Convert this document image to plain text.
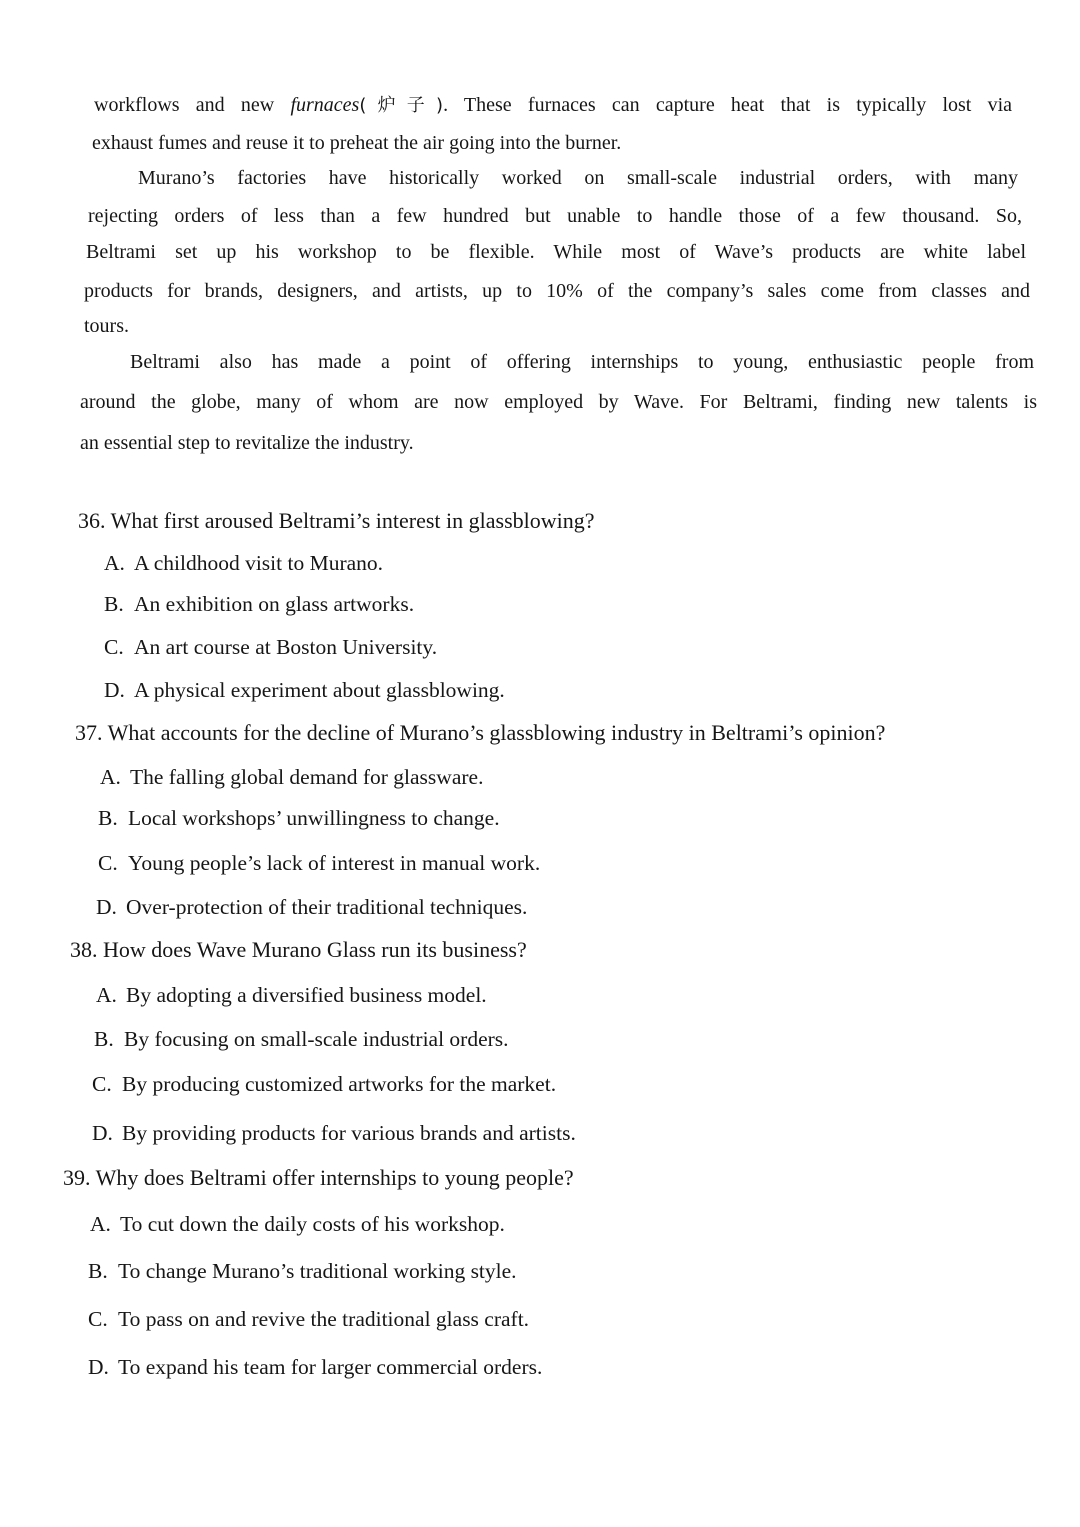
workflows and new furnaces(炉子). These furnaces can capture heat that is typically lost via
exhaust fumes and reuse it to preheat the air going into the burner.
Murano’s factories have historically worked on small-scale industrial orders, with many
rejecting orders of less than a few hundred but unable to handle those of a few thousand. So,
Beltrami set up his workshop to be flexible. While most of Wave’s products are white label
products for brands, designers, and artists, up to 10% of the company’s sales come from classes and
tours.
Beltrami also has made a point of offering internships to young, enthusiastic people from
around the globe, many of whom are now employed by Wave. For Beltrami, finding new talents is
an essential step to revitalize the industry.
36. What first aroused Beltrami’s interest in glassblowing?
A. A childhood visit to Murano.
B. An exhibition on glass artworks.
C. An art course at Boston University.
D. A physical experiment about glassblowing.
37. What accounts for the decline of Murano’s glassblowing industry in Beltrami’s opinion?
A. The falling global demand for glassware.
B. Local workshops’ unwillingness to change.
C. Young people’s lack of interest in manual work.
D. Over-protection of their traditional techniques.
38. How does Wave Murano Glass run its business?
A. By adopting a diversified business model.
B. By focusing on small-scale industrial orders.
C. By producing customized artworks for the market.
D. By providing products for various brands and artists.
39. Why does Beltrami offer internships to young people?
A. To cut down the daily costs of his workshop.
B. To change Murano’s traditional working style.
C. To pass on and revive the traditional glass craft.
D. To expand his team for larger commercial orders.
